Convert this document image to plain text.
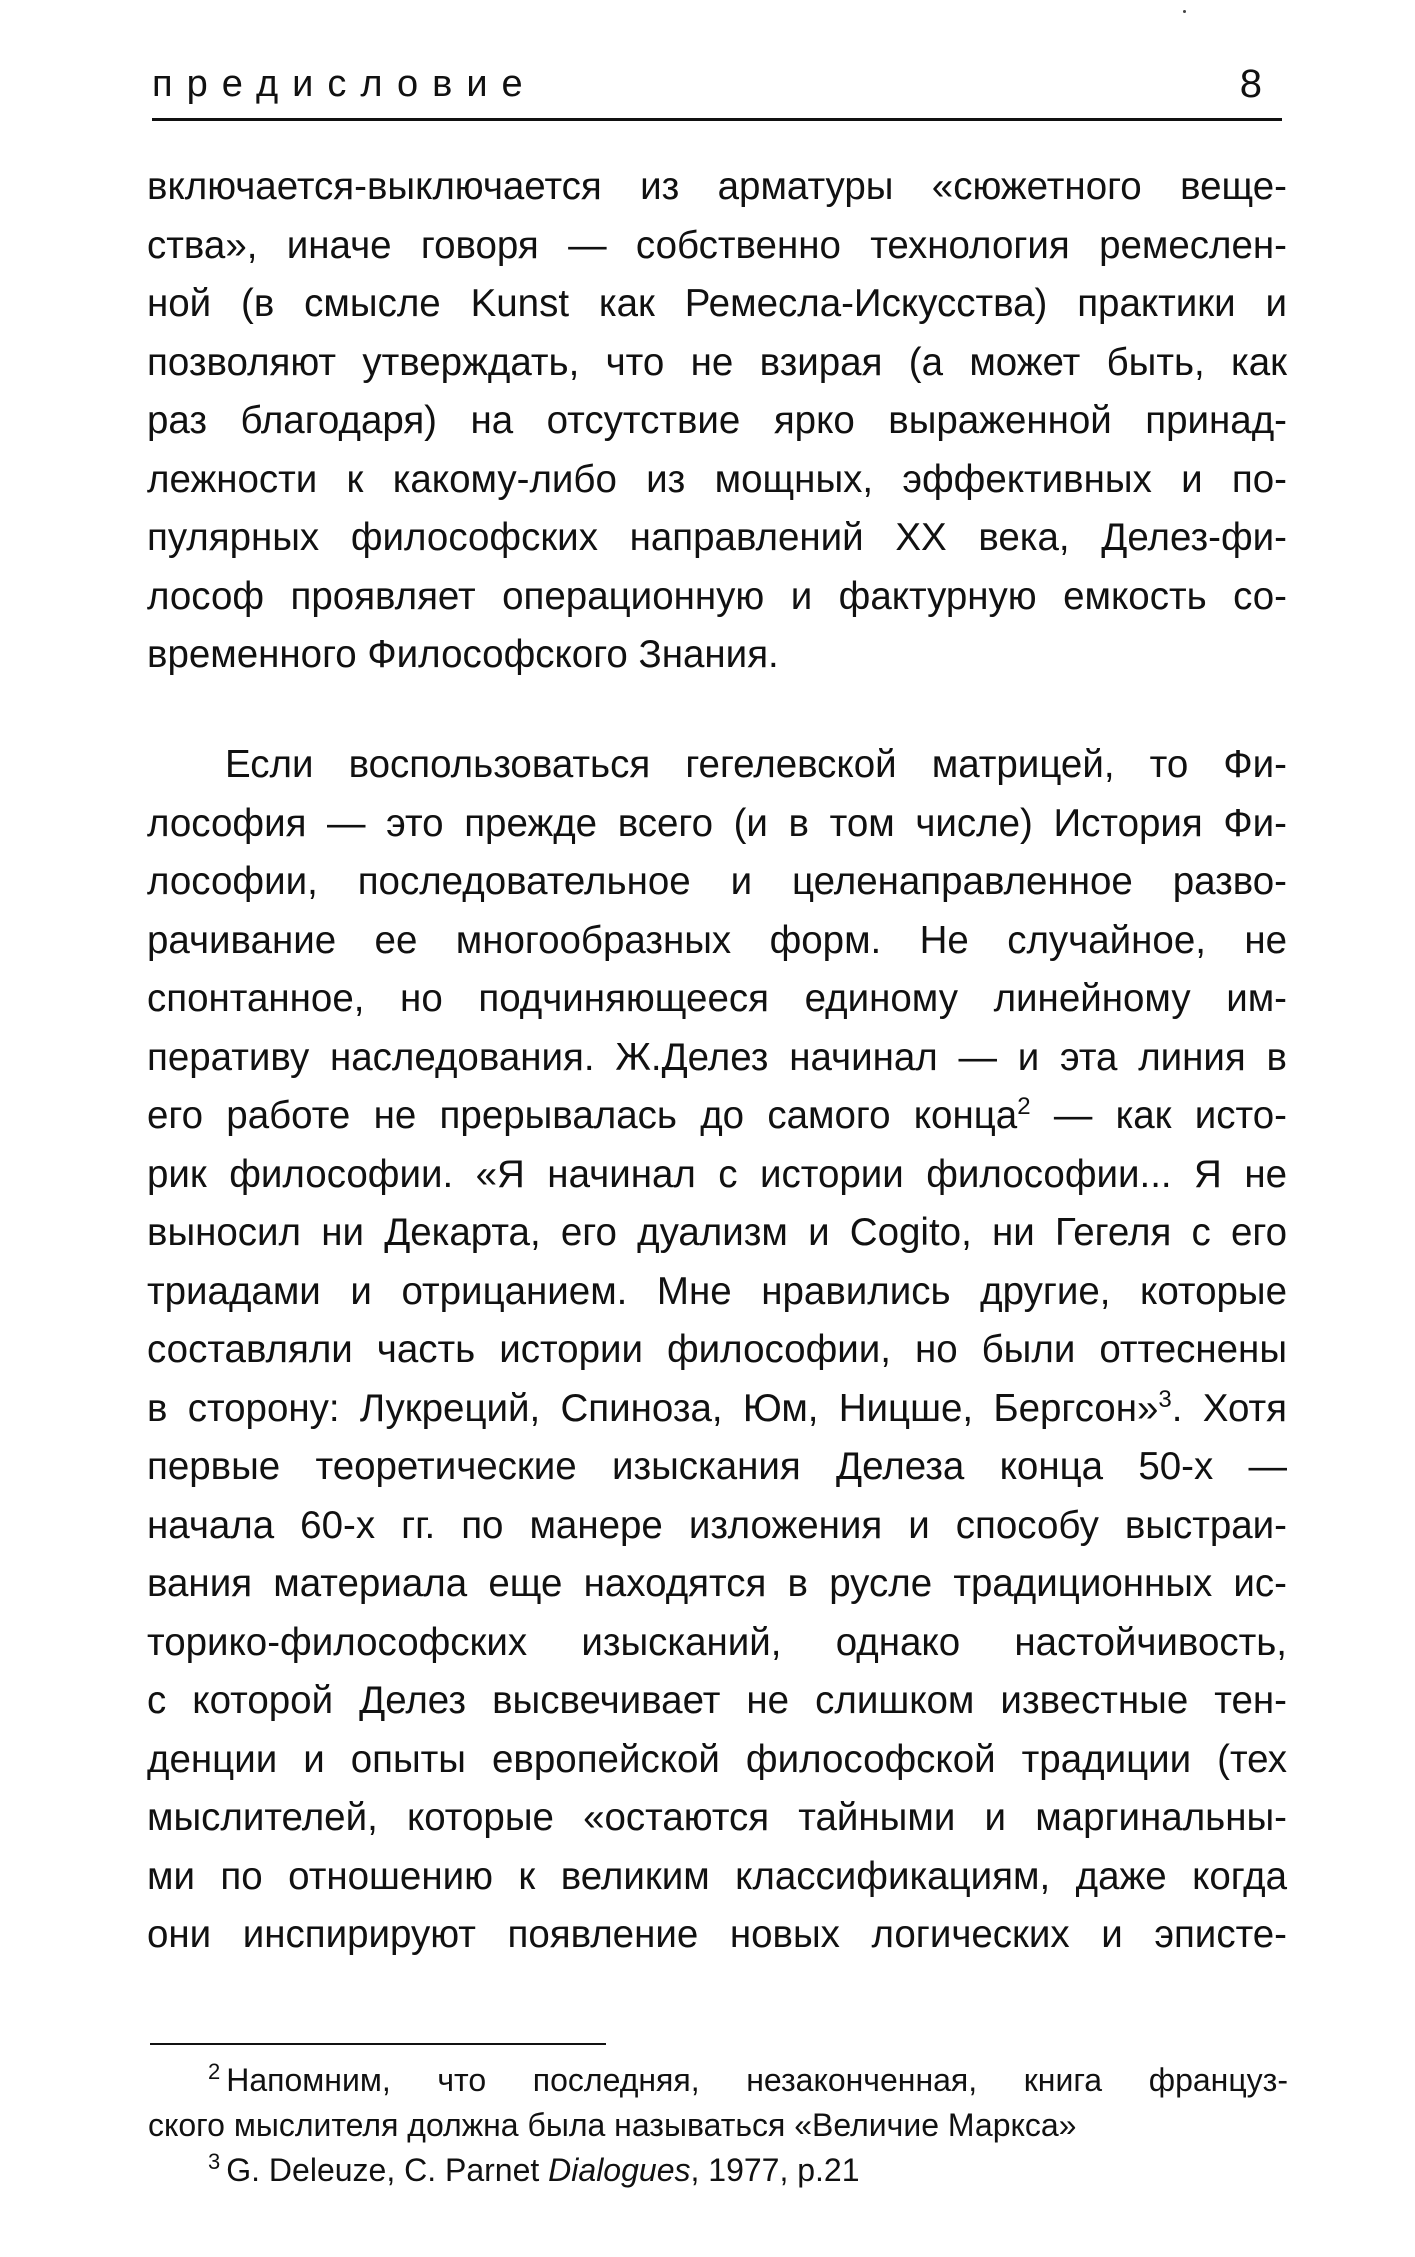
предисловие	8
включается-выключается из арматуры «сюжетного веще-
ства», иначе говоря — собственно технология ремеслен-
ной (в смысле Kunst как Ремесла-Искусства) практики и
позволяют утверждать, что не взирая (а может быть, как
раз благодаря) на отсутствие ярко выраженной принад-
лежности к какому-либо из мощных, эффективных и по-
пулярных философских направлений XX века, Делез-фи-
лософ проявляет операционную и фактурную емкость со-
временного Философского Знания.
Если воспользоваться гегелевской матрицей, то Фи-
лософия — это прежде всего (и в том числе) История Фи-
лософии, последовательное и целенаправленное разво-
рачивание ее многообразных форм. Не случайное, не
спонтанное, но подчиняющееся единому линейному им-
перативу наследования. Ж.Делез начинал — и эта линия в
его работе не прерывалась до самого конца$^2$ — как исто-
рик философии. «Я начинал с истории философии... Я не
выносил ни Декарта, его дуализм и Cogito, ни Гегеля с его
триадами и отрицанием. Мне нравились другие, которые
составляли часть истории философии, но были оттеснены
в сторону: Лукреций, Спиноза, Юм, Ницше, Бергсон»$^3$. Хотя
первые теоретические изыскания Делеза конца 50-х —
начала 60-х гг. по манере изложения и способу выстраи-
вания материала еще находятся в русле традиционных ис-
торико-философских изысканий, однако настойчивость,
с которой Делез высвечивает не слишком известные тен-
денции и опыты европейской философской традиции (тех
мыслителей, которые «остаются тайными и маргинальны-
ми по отношению к великим классификациям, даже когда
они инспирируют появление новых логических и эписте-
$^2$ Напомним, что последняя, незаконченная, книга француз-
ского мыслителя должна была называться «Величие Маркса»
$^3$ G. Deleuze, C. Parnet Dialogues, 1977, p.21
